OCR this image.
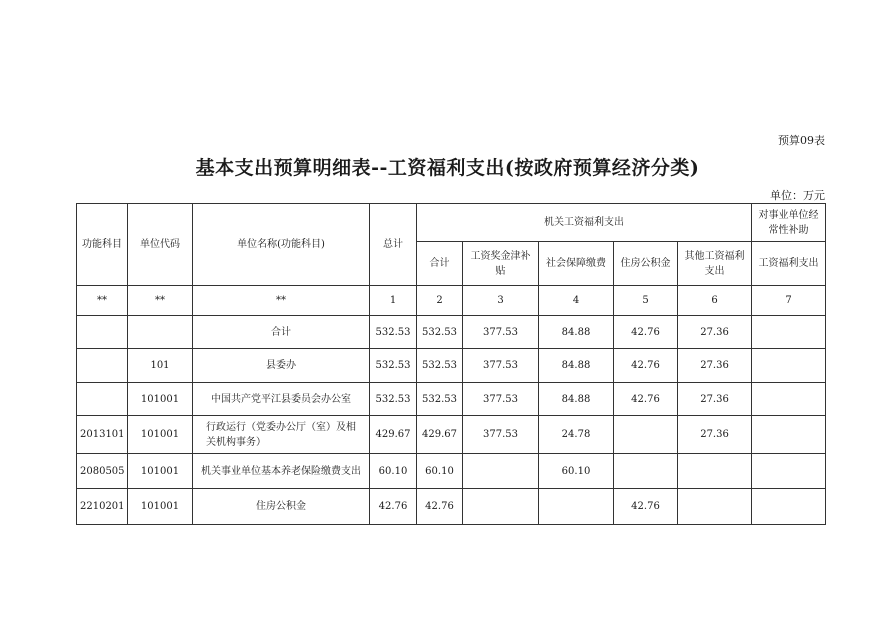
预算09表
基本支出预算明细表--工资福利支出(按政府预算经济分类)
单位：万元
功能科目	单位代码	单位名称(功能科目)	总计	机关工资福利支出					对事业单位经常性补助
				合计	工资奖金津补贴	社会保障缴费	住房公积金	其他工资福利支出	工资福利支出
**	**	**	1	2	3	4	5	6	7
		合计	532.53	532.53	377.53	84.88	42.76	27.36	
	101	县委办	532.53	532.53	377.53	84.88	42.76	27.36	
	101001	中国共产党平江县委员会办公室	532.53	532.53	377.53	84.88	42.76	27.36	
2013101	101001	行政运行（党委办公厅（室）及相关机构事务）	429.67	429.67	377.53	24.78		27.36	
2080505	101001	机关事业单位基本养老保险缴费支出	60.10	60.10		60.10			
2210201	101001	住房公积金	42.76	42.76			42.76		
